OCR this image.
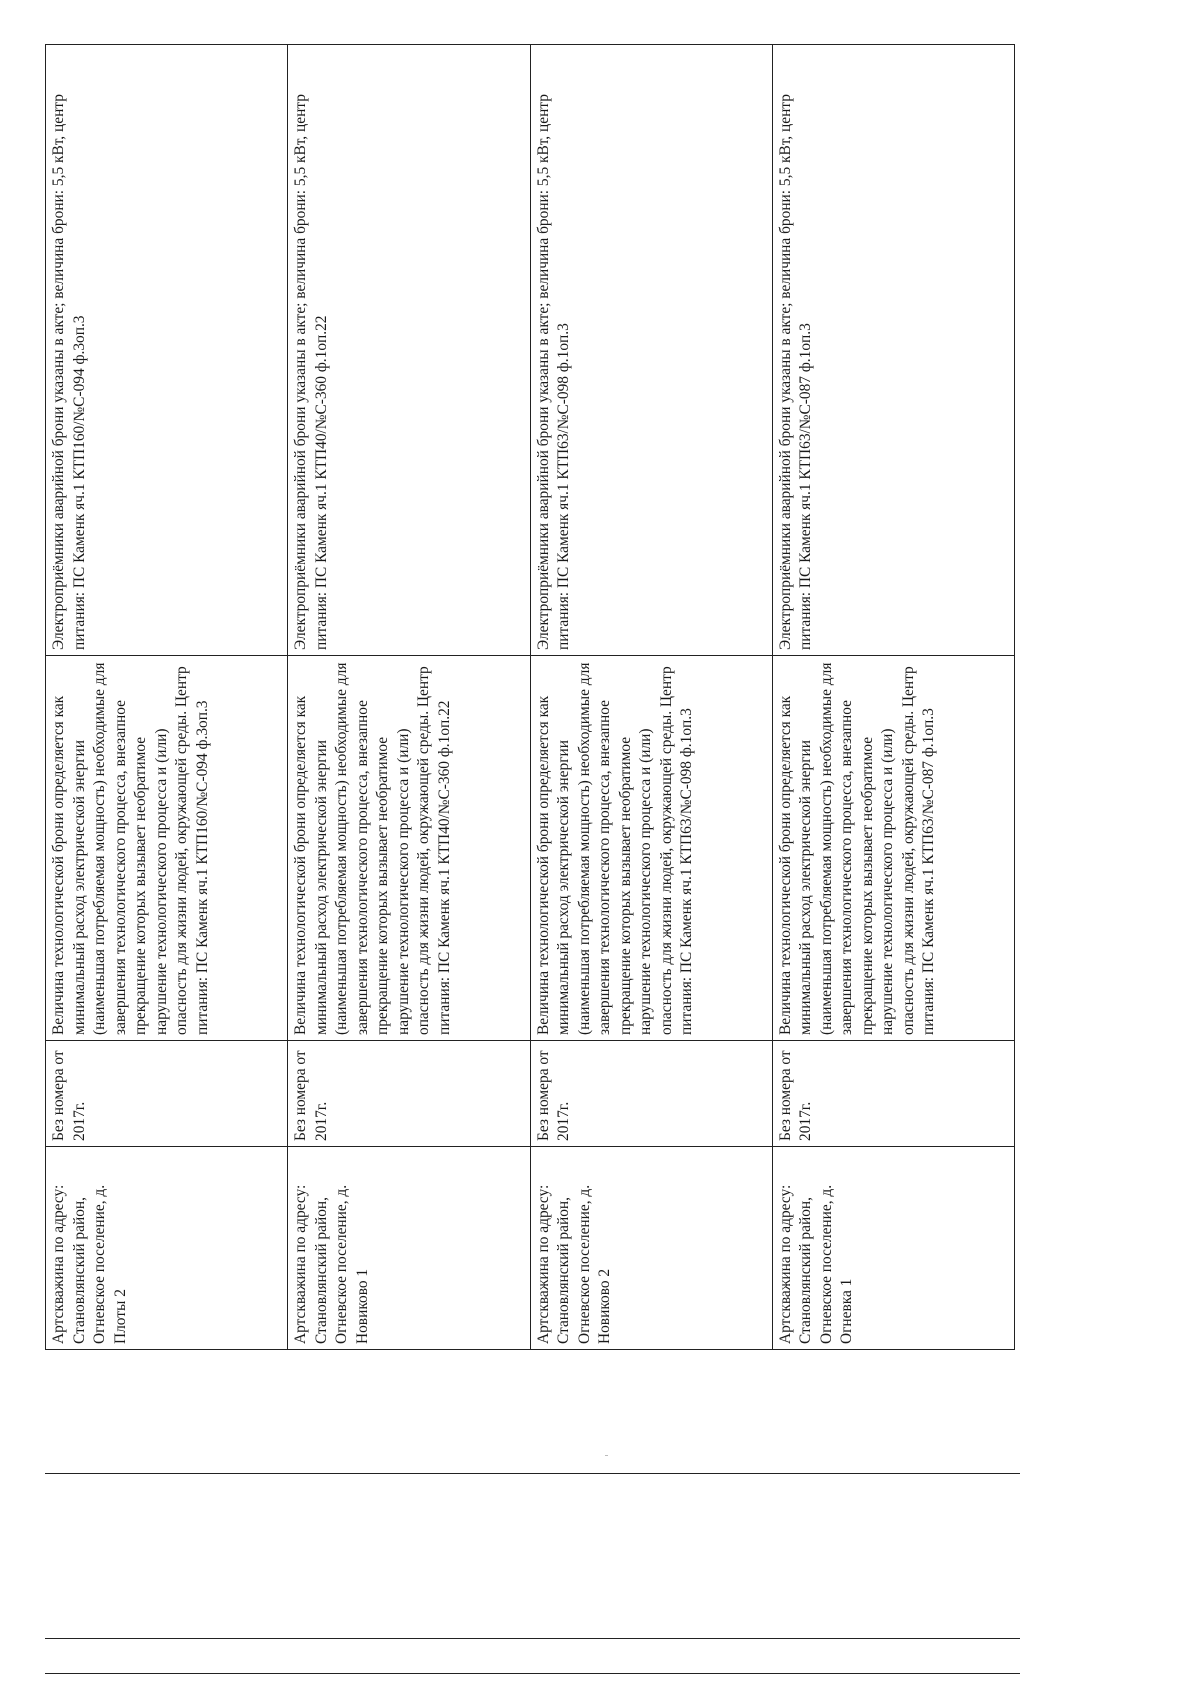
Артскважина по адресу: Становлянский район, Огневское поселение, д. Плоты 2	Без номера от 2017г.	Величина технологической брони определяется как минимальный расход электрической энергии (наименьшая потребляемая мощность) необходимые для завершения технологического процесса, внезапное прекращение которых вызывает необратимое нарушение технологического процесса и (или) опасность для жизни людей, окружающей среды. Центр питания: ПС Каменк яч.1 КТП160/№С-094 ф.3оп.3	Электроприёмники аварийной брони указаны в акте; величина брони: 5,5 кВт, центр питания: ПС Каменк яч.1 КТП160/№С-094 ф.3оп.3
Артскважина по адресу: Становлянский район, Огневское поселение, д. Новиково 1	Без номера от 2017г.	Величина технологической брони определяется как минимальный расход электрической энергии (наименьшая потребляемая мощность) необходимые для завершения технологического процесса, внезапное прекращение которых вызывает необратимое нарушение технологического процесса и (или) опасность для жизни людей, окружающей среды. Центр питания: ПС Каменк яч.1 КТП40/№С-360 ф.1оп.22	Электроприёмники аварийной брони указаны в акте; величина брони: 5,5 кВт, центр питания: ПС Каменк яч.1 КТП40/№С-360 ф.1оп.22
Артскважина по адресу: Становлянский район, Огневское поселение, д. Новиково 2	Без номера от 2017г.	Величина технологической брони определяется как минимальный расход электрической энергии (наименьшая потребляемая мощность) необходимые для завершения технологического процесса, внезапное прекращение которых вызывает необратимое нарушение технологического процесса и (или) опасность для жизни людей, окружающей среды. Центр питания: ПС Каменк яч.1 КТП63/№С-098 ф.1оп.3	Электроприёмники аварийной брони указаны в акте; величина брони: 5,5 кВт, центр питания: ПС Каменк яч.1 КТП63/№С-098 ф.1оп.3
Артскважина по адресу: Становлянский район, Огневское поселение, д. Огневка 1	Без номера от 2017г.	Величина технологической брони определяется как минимальный расход электрической энергии (наименьшая потребляемая мощность) необходимые для завершения технологического процесса, внезапное прекращение которых вызывает необратимое нарушение технологического процесса и (или) опасность для жизни людей, окружающей среды. Центр питания: ПС Каменк яч.1 КТП63/№С-087 ф.1оп.3	Электроприёмники аварийной брони указаны в акте; величина брони: 5,5 кВт, центр питания: ПС Каменк яч.1 КТП63/№С-087 ф.1оп.3
